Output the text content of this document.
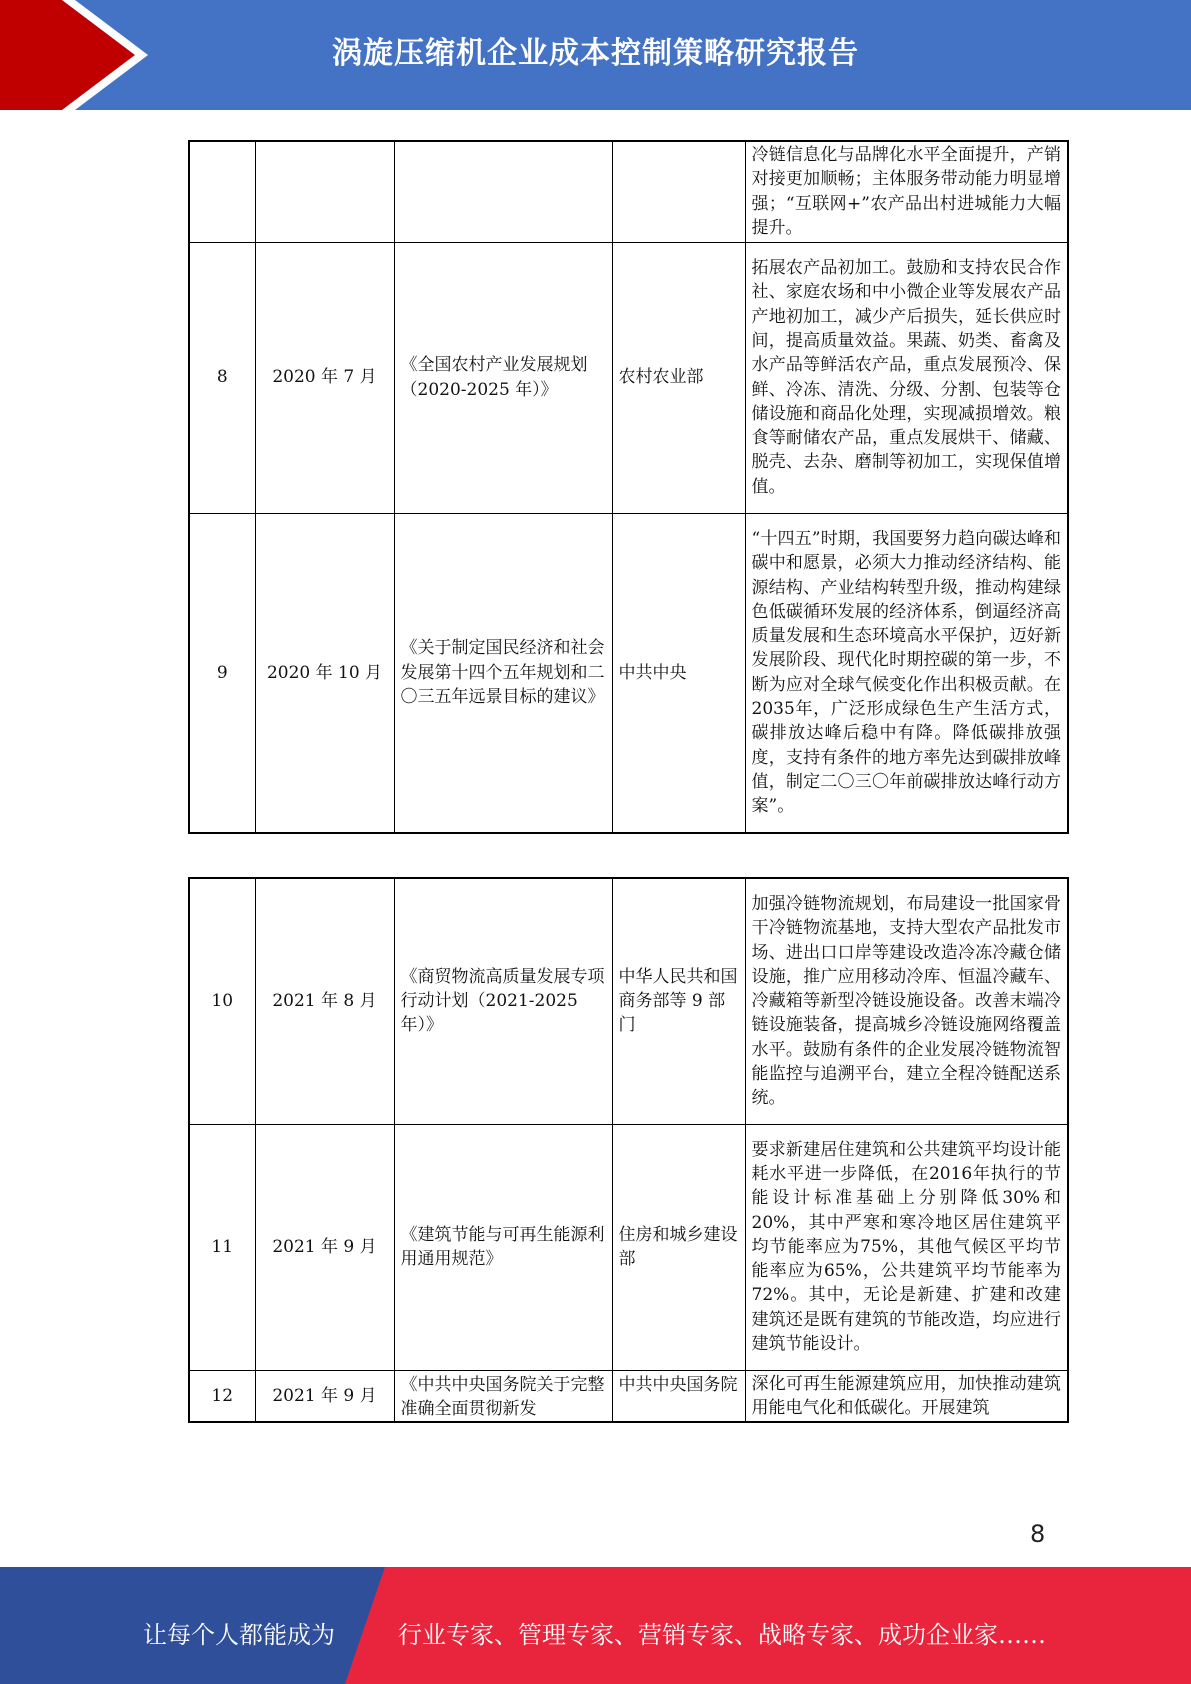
涡旋压缩机企业成本控制策略研究报告
				冷链信息化与品牌化水平全面提升，产销对接更加顺畅；主体服务带动能力明显增强；“互联网+”农产品出村进城能力大幅提升。
8	2020 年 7 月	《全国农村产业发展规划（2020-2025 年）》	农村农业部	拓展农产品初加工。鼓励和支持农民合作社、家庭农场和中小微企业等发展农产品产地初加工，减少产后损失，延长供应时间，提高质量效益。果蔬、奶类、畜禽及水产品等鲜活农产品，重点发展预冷、保鲜、冷冻、清洗、分级、分割、包装等仓储设施和商品化处理，实现减损增效。粮食等耐储农产品，重点发展烘干、储藏、脱壳、去杂、磨制等初加工，实现保值增值。
9	2020 年 10 月	《关于制定国民经济和社会发展第十四个五年规划和二〇三五年远景目标的建议》	中共中央	“十四五”时期，我国要努力趋向碳达峰和碳中和愿景，必须大力推动经济结构、能源结构、产业结构转型升级，推动构建绿色低碳循环发展的经济体系，倒逼经济高质量发展和生态环境高水平保护，迈好新发展阶段、现代化时期控碳的第一步，不断为应对全球气候变化作出积极贡献。在2035年，广泛形成绿色生产生活方式，碳排放达峰后稳中有降。降低碳排放强度，支持有条件的地方率先达到碳排放峰值，制定二〇三〇年前碳排放达峰行动方案”。
10	2021 年 8 月	《商贸物流高质量发展专项行动计划（2021-2025 年）》	中华人民共和国商务部等 9 部门	加强冷链物流规划，布局建设一批国家骨干冷链物流基地，支持大型农产品批发市场、进出口口岸等建设改造冷冻冷藏仓储设施，推广应用移动冷库、恒温冷藏车、冷藏箱等新型冷链设施设备。改善末端冷链设施装备，提高城乡冷链设施网络覆盖水平。鼓励有条件的企业发展冷链物流智能监控与追溯平台，建立全程冷链配送系统。
11	2021 年 9 月	《建筑节能与可再生能源利用通用规范》	住房和城乡建设部	要求新建居住建筑和公共建筑平均设计能耗水平进一步降低，在2016年执行的节能设计标准基础上分别降低30%和20%，其中严寒和寒冷地区居住建筑平均节能率应为75%，其他气候区平均节能率应为65%，公共建筑平均节能率为72%。其中，无论是新建、扩建和改建建筑还是既有建筑的节能改造，均应进行建筑节能设计。
12	2021 年 9 月	《中共中央国务院关于完整准确全面贯彻新发	中共中央国务院	深化可再生能源建筑应用，加快推动建筑用能电气化和低碳化。开展建筑
8
让每个人都能成为	行业专家、管理专家、营销专家、战略专家、成功企业家……
